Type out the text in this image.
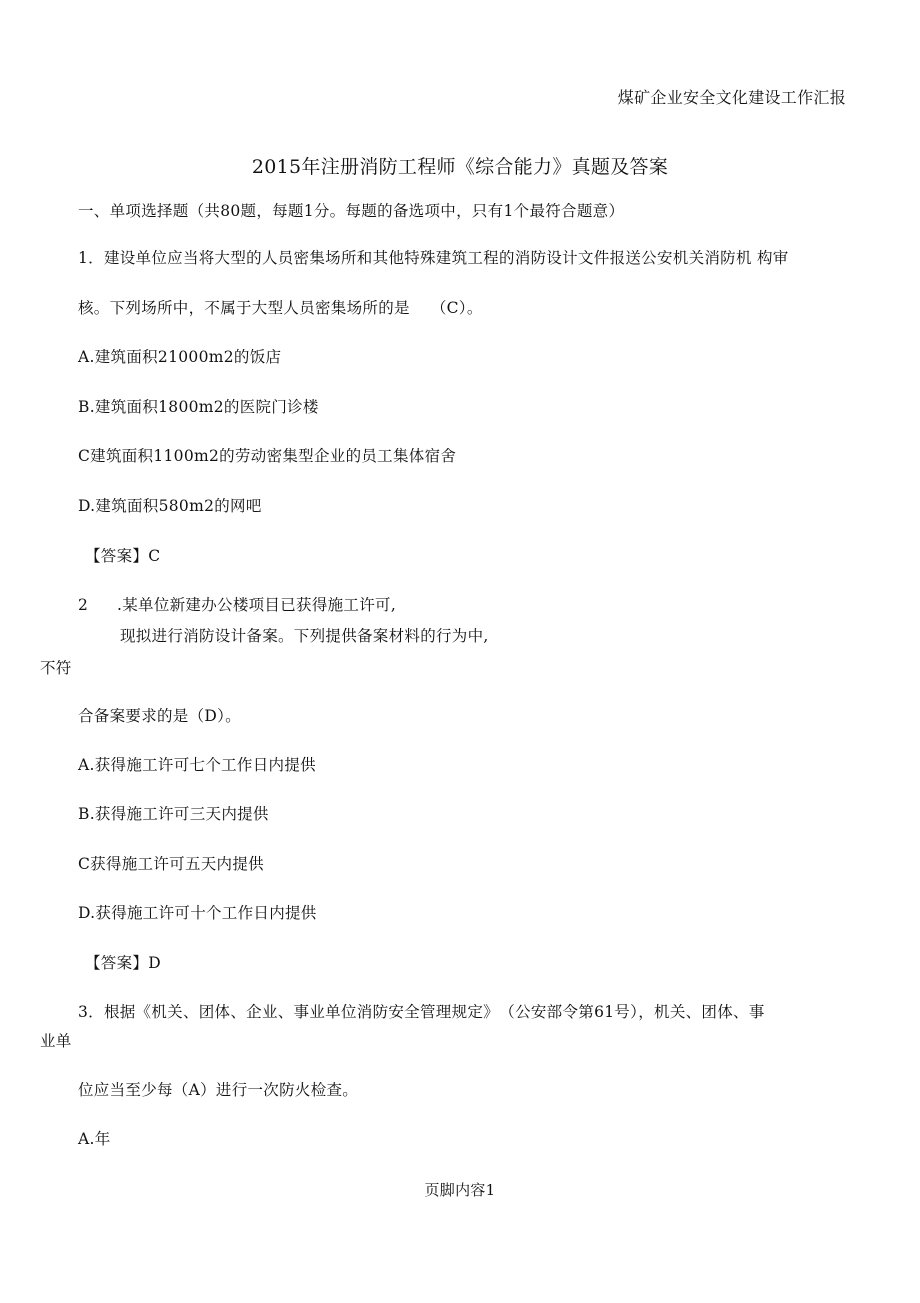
煤矿企业安全文化建设工作汇报
2015年注册消防工程师《综合能力》真题及答案
一、单项选择题（共80题，每题1分。每题的备选项中，只有1个最符合题意）
1．建设单位应当将大型的人员密集场所和其他特殊建筑工程的消防设计文件报送公安机关消防机 构审
核。下列场所中，不属于大型人员密集场所的是　 （C）。
A.建筑面积21000m2的饭店
B.建筑面积1800m2的医院门诊楼
C建筑面积1100m2的劳动密集型企业的员工集体宿舍
D.建筑面积580m2的网吧
【答案】C
2 .某单位新建办公楼项目已获得施工许可,
现拟进行消防设计备案。下列提供备案材料的行为中,
不符
合备案要求的是（D）。
A.获得施工许可七个工作日内提供
B.获得施工许可三天内提供
C获得施工许可五天内提供
D.获得施工许可十个工作日内提供
【答案】D
3．根据《机关、团体、企业、事业单位消防安全管理规定》　（公安部令第61号），机关、团体、事
业单
位应当至少每（A）进行一次防火检查。
A.年
页脚内容1
